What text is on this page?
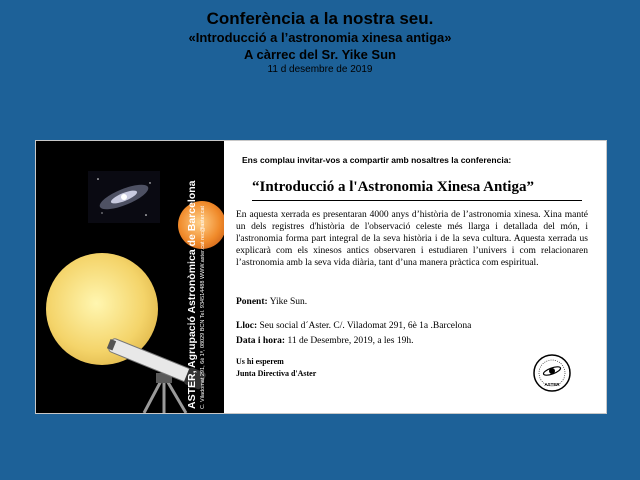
Conferència a la nostra seu.
«Introducció a l’astronomia xinesa antiga»
A càrrec del Sr. Yike Sun
11 d desembre de 2019
ASTER, Agrupació Astronòmica de Barcelona C. Viladomat 291, 6è 1ª, 08029 BCN Tel. 934514488 WWW.aster.cat rec@aster.cat
Ens complau invitar-vos a compartir amb nosaltres la conferencia:
“Introducció a l'Astronomia Xinesa Antiga”
En aquesta xerrada es presentaran 4000 anys d’història de l’astronomia xinesa. Xina manté un dels registres d'història de l'observació celeste més llarga i detallada del món, i l'astronomia forma part integral de la seva història i de la seva cultura. Aquesta xerrada us explicarà com els xinesos antics observaren i estudiaren l’univers i com relacionaren l’astronomia amb la seva vida diària, tant d’una manera pràctica com espiritual.
Ponent: Yike Sun.
Lloc: Seu social d´Aster. C/. Viladomat 291, 6è 1a .Barcelona
Data i hora: 11 de Desembre, 2019, a les 19h.
Us hi esperem
Junta Directiva d'Aster
ASTER
